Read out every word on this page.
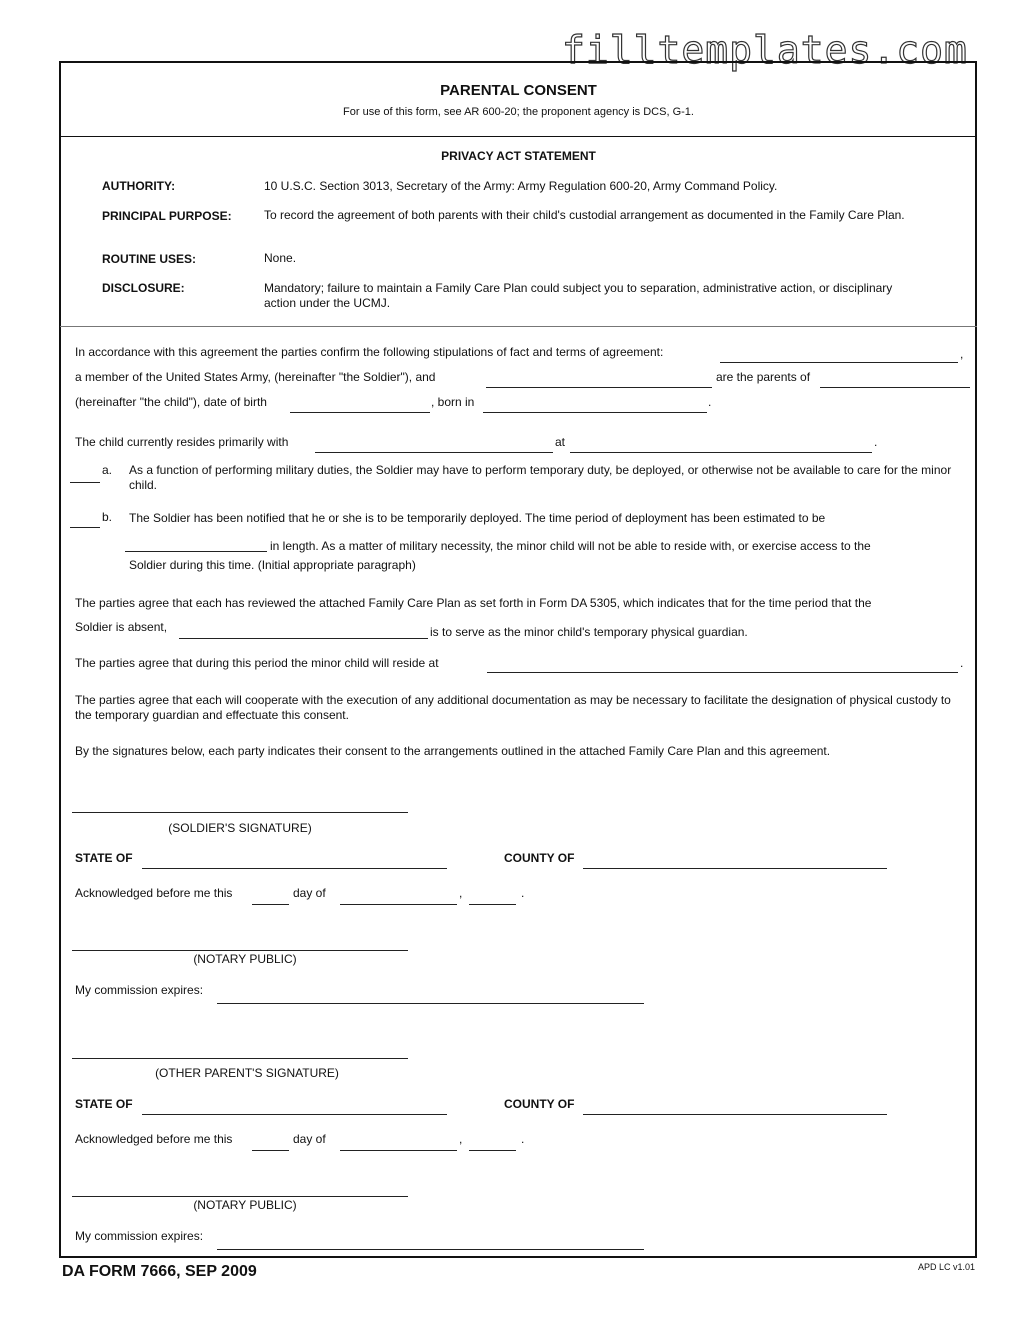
filltemplates.com
PARENTAL CONSENT
For use of this form, see AR 600-20; the proponent agency is DCS, G-1.
PRIVACY ACT STATEMENT
AUTHORITY:	10 U.S.C. Section 3013, Secretary of the Army: Army Regulation 600-20, Army Command Policy.
PRINCIPAL PURPOSE:	To record the agreement of both parents with their child's custodial arrangement as documented in the Family Care Plan.
ROUTINE USES:	None.
DISCLOSURE:	Mandatory; failure to maintain a Family Care Plan could subject you to separation, administrative action, or disciplinary action under the UCMJ.
In accordance with this agreement the parties confirm the following stipulations of fact and terms of agreement:	,
a member of the United States Army, (hereinafter "the Soldier"), and	are the parents of
(hereinafter "the child"), date of birth	, born in	.
The child currently resides primarily with	at	.
a. As a function of performing military duties, the Soldier may have to perform temporary duty, be deployed, or otherwise not be available to care for the minor child.
b. The Soldier has been notified that he or she is to be temporarily deployed. The time period of deployment has been estimated to be
in length. As a matter of military necessity, the minor child will not be able to reside with, or exercise access to the
Soldier during this time. (Initial appropriate paragraph)
The parties agree that each has reviewed the attached Family Care Plan as set forth in Form DA 5305, which indicates that for the time period that the
Soldier is absent,	is to serve as the minor child's temporary physical guardian.
The parties agree that during this period the minor child will reside at	.
The parties agree that each will cooperate with the execution of any additional documentation as may be necessary to facilitate the designation of physical custody to the temporary guardian and effectuate this consent.
By the signatures below, each party indicates their consent to the arrangements outlined in the attached Family Care Plan and this agreement.
(SOLDIER'S SIGNATURE)
STATE OF	COUNTY OF
Acknowledged before me this	day of	,	.
(NOTARY PUBLIC)
My commission expires:
(OTHER PARENT'S SIGNATURE)
STATE OF	COUNTY OF
Acknowledged before me this	day of	,	.
(NOTARY PUBLIC)
My commission expires:
DA FORM 7666, SEP 2009	APD LC v1.01
